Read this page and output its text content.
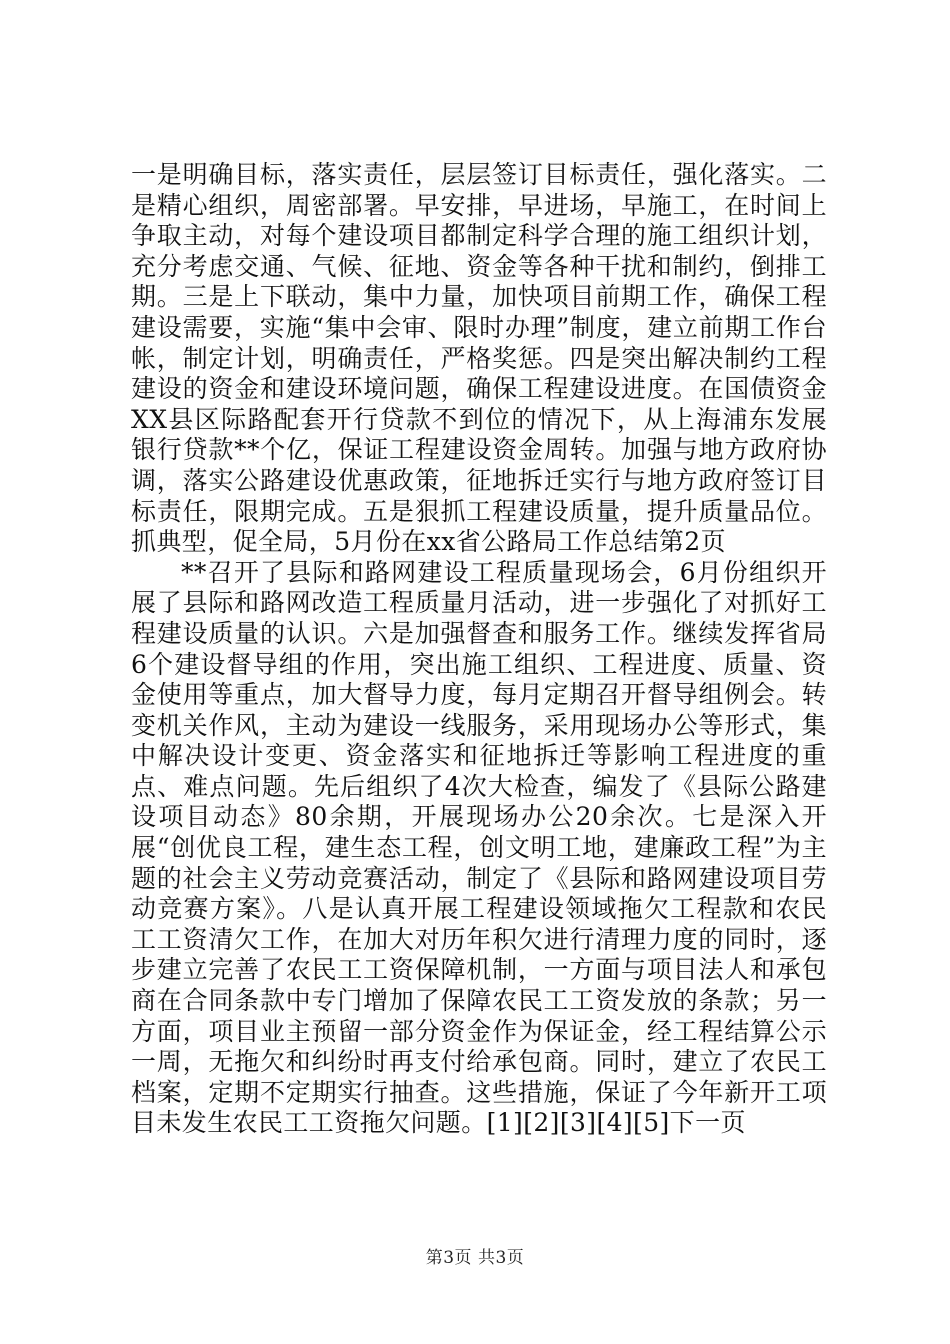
一是明确目标，落实责任，层层签订目标责任，强化落实。二是精心组织，周密部署。早安排，早进场，早施工，在时间上争取主动，对每个建设项目都制定科学合理的施工组织计划，充分考虑交通、气候、征地、资金等各种干扰和制约，倒排工期。三是上下联动，集中力量，加快项目前期工作，确保工程建设需要，实施“集中会审、限时办理”制度，建立前期工作台帐，制定计划，明确责任，严格奖惩。四是突出解决制约工程建设的资金和建设环境问题，确保工程建设进度。在国债资金XX县区际路配套开行贷款不到位的情况下，从上海浦东发展银行贷款**个亿，保证工程建设资金周转。加强与地方政府协调，落实公路建设优惠政策，征地拆迁实行与地方政府签订目标责任，限期完成。五是狠抓工程建设质量，提升质量品位。抓典型，促全局，5月份在xx省公路局工作总结第2页

**召开了县际和路网建设工程质量现场会，6月份组织开展了县际和路网改造工程质量月活动，进一步强化了对抓好工程建设质量的认识。六是加强督查和服务工作。继续发挥省局6个建设督导组的作用，突出施工组织、工程进度、质量、资金使用等重点，加大督导力度，每月定期召开督导组例会。转变机关作风，主动为建设一线服务，采用现场办公等形式，集中解决设计变更、资金落实和征地拆迁等影响工程进度的重点、难点问题。先后组织了4次大检查，编发了《县际公路建设项目动态》80余期，开展现场办公20余次。七是深入开展“创优良工程，建生态工程，创文明工地，建廉政工程”为主题的社会主义劳动竞赛活动，制定了《县际和路网建设项目劳动竞赛方案》。八是认真开展工程建设领域拖欠工程款和农民工工资清欠工作，在加大对历年积欠进行清理力度的同时，逐步建立完善了农民工工资保障机制，一方面与项目法人和承包商在合同条款中专门增加了保障农民工工资发放的条款；另一方面，项目业主预留一部分资金作为保证金，经工程结算公示一周，无拖欠和纠纷时再支付给承包商。同时，建立了农民工档案，定期不定期实行抽查。这些措施，保证了今年新开工项目未发生农民工工资拖欠问题。[1][2][3][4][5]下一页

第3页 共3页
